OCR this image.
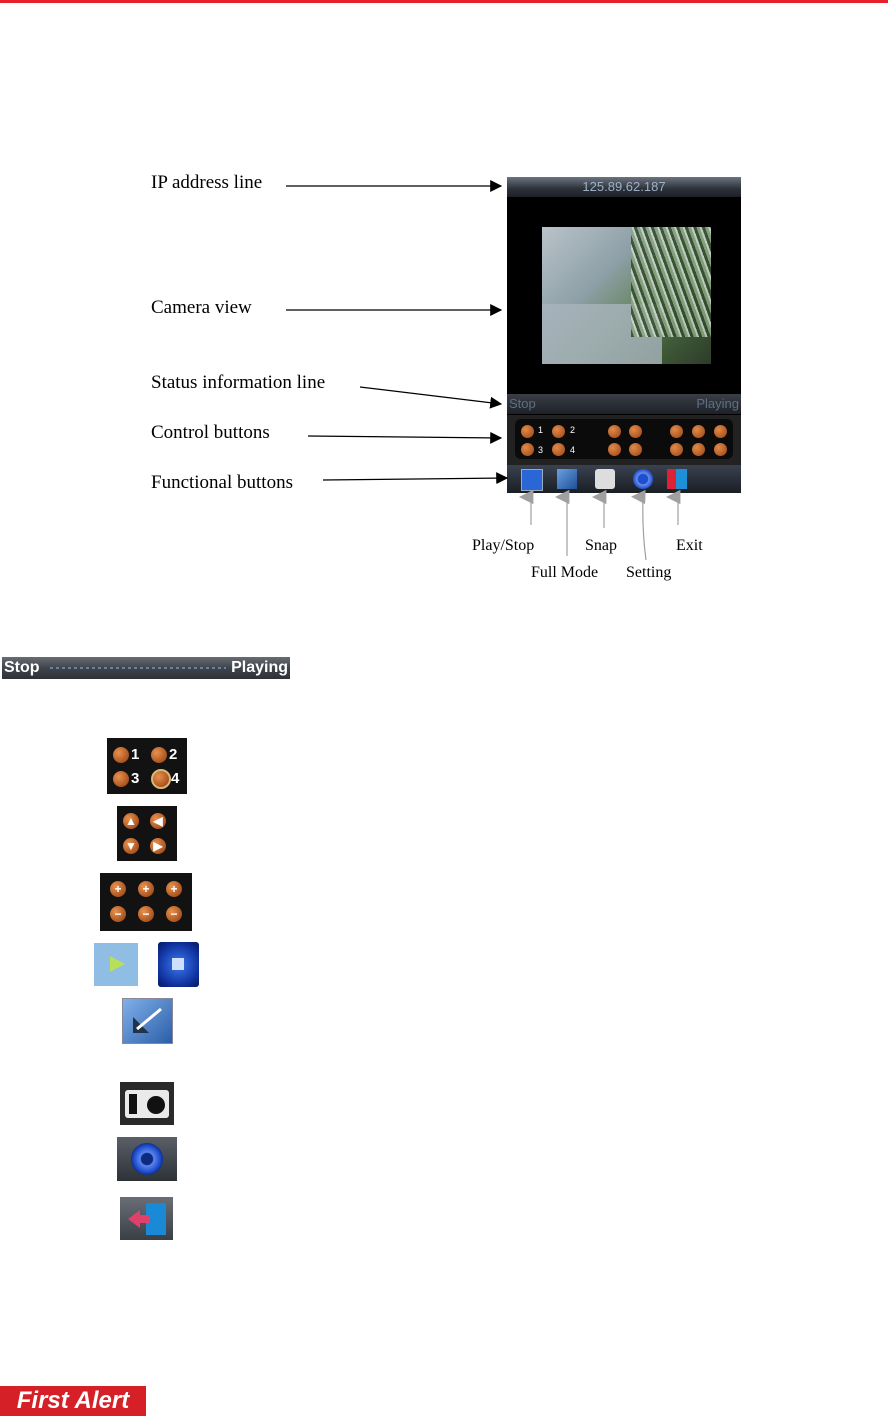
IP address line
Camera view
Status information line
Control buttons
Functional buttons
125.89.62.187
Stop	Playing
1	2
3	4
Play/Stop	Snap	Exit
Full Mode Setting
Stop	Playing
1 2
3 4
▲ ◀
▼ ▶
+	+	+
−	−	−
First Alert
